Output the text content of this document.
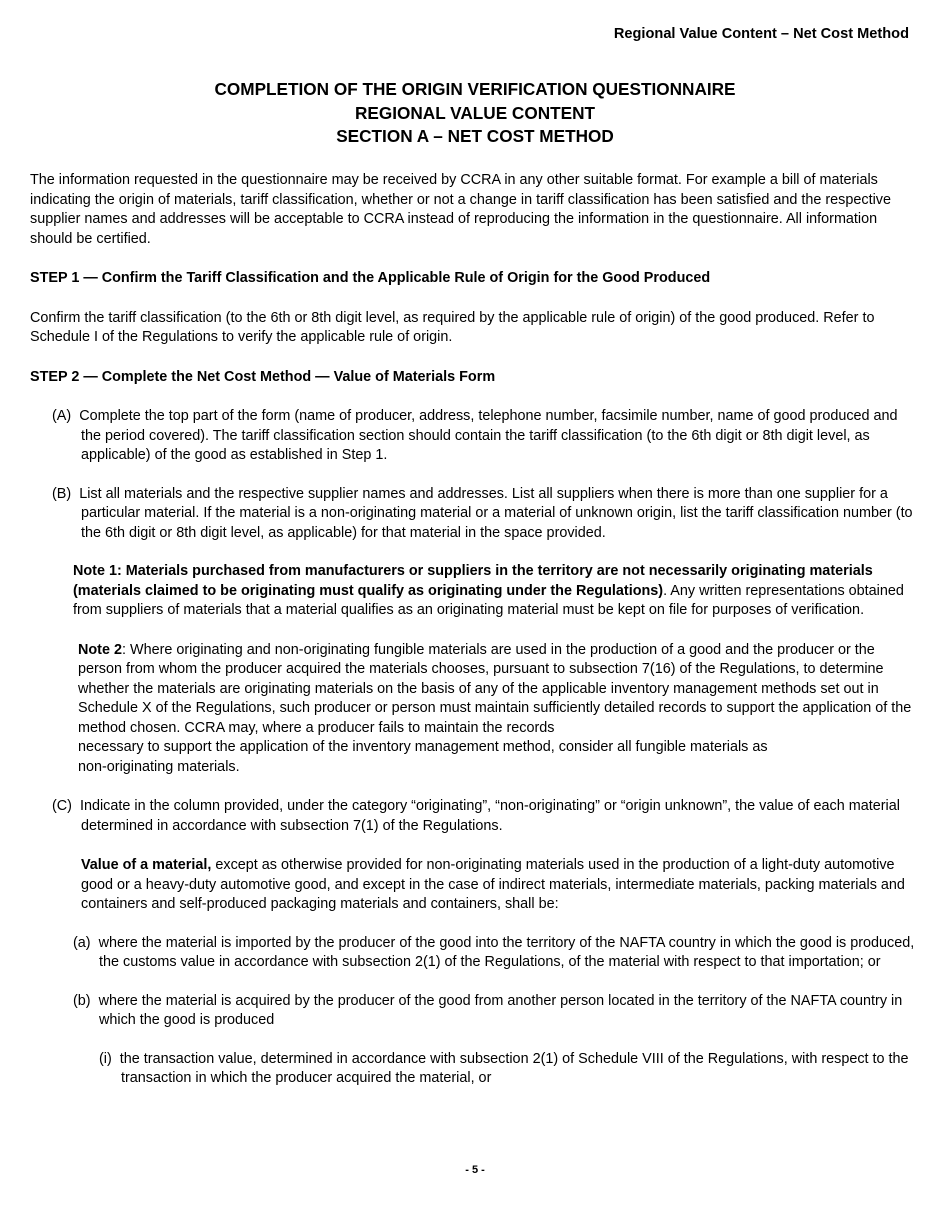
Regional Value Content – Net Cost Method
COMPLETION OF THE ORIGIN VERIFICATION QUESTIONNAIRE
REGIONAL VALUE CONTENT
SECTION A – NET COST METHOD

The information requested in the questionnaire may be received by CCRA in any other suitable format. For example a bill of materials indicating the origin of materials, tariff classification, whether or not a change in tariff classification has been satisfied and the respective supplier names and addresses will be acceptable to CCRA instead of reproducing the information in the questionnaire. All information should be certified.

STEP 1 — Confirm the Tariff Classification and the Applicable Rule of Origin for the Good Produced

Confirm the tariff classification (to the 6th or 8th digit level, as required by the applicable rule of origin) of the good produced. Refer to Schedule I of the Regulations to verify the applicable rule of origin.

STEP 2 — Complete the Net Cost Method — Value of Materials Form

(A) Complete the top part of the form (name of producer, address, telephone number, facsimile number, name of good produced and the period covered). The tariff classification section should contain the tariff classification (to the 6th digit or 8th digit level, as applicable) of the good as established in Step 1.

(B) List all materials and the respective supplier names and addresses. List all suppliers when there is more than one supplier for a particular material. If the material is a non-originating material or a material of unknown origin, list the tariff classification number (to the 6th digit or 8th digit level, as applicable) for that material in the space provided.

Note 1: Materials purchased from manufacturers or suppliers in the territory are not necessarily originating materials (materials claimed to be originating must qualify as originating under the Regulations). Any written representations obtained from suppliers of materials that a material qualifies as an originating material must be kept on file for purposes of verification.

Note 2: Where originating and non-originating fungible materials are used in the production of a good and the producer or the person from whom the producer acquired the materials chooses, pursuant to subsection 7(16) of the Regulations, to determine whether the materials are originating materials on the basis of any of the applicable inventory management methods set out in Schedule X of the Regulations, such producer or person must maintain sufficiently detailed records to support the application of the method chosen. CCRA may, where a producer fails to maintain the records
necessary to support the application of the inventory management method, consider all fungible materials as
non-originating materials.

(C) Indicate in the column provided, under the category “originating”, “non-originating” or “origin unknown”, the value of each material determined in accordance with subsection 7(1) of the Regulations.

Value of a material, except as otherwise provided for non-originating materials used in the production of a light-duty automotive good or a heavy-duty automotive good, and except in the case of indirect materials, intermediate materials, packing materials and containers and self-produced packaging materials and containers, shall be:

(a) where the material is imported by the producer of the good into the territory of the NAFTA country in which the good is produced, the customs value in accordance with subsection 2(1) of the Regulations, of the material with respect to that importation; or

(b) where the material is acquired by the producer of the good from another person located in the territory of the NAFTA country in which the good is produced

(i) the transaction value, determined in accordance with subsection 2(1) of Schedule VIII of the Regulations, with respect to the transaction in which the producer acquired the material, or

- 5 -
